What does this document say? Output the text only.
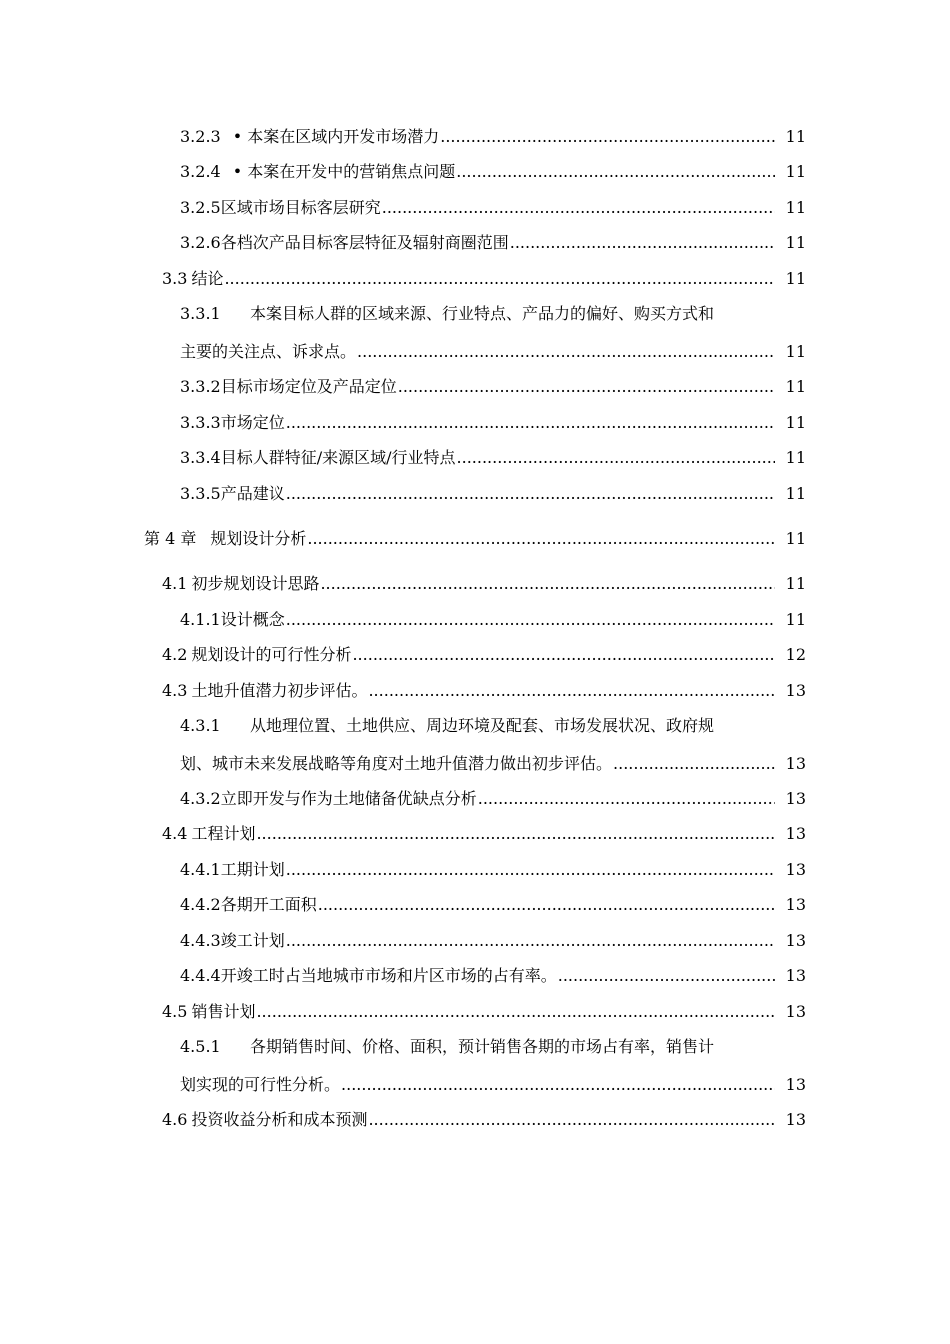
3.2.3 • 本案在区域内开发市场潜力 .....	11
3.2.4 • 本案在开发中的营销焦点问题 .....	11
3.2.5 区域市场目标客层研究 .....	11
3.2.6 各档次产品目标客层特征及辐射商圈范围 .....	11
3.3 结论 .....	11
3.3.1 本案目标人群的区域来源、行业特点、产品力的偏好、购买方式和
主要的关注点、诉求点。 .....	11
3.3.2 目标市场定位及产品定位 .....	11
3.3.3 市场定位 .....	11
3.3.4 目标人群特征/来源区域/行业特点 .....	11
3.3.5 产品建议 .....	11
第 4 章 规划设计分析 .....	11
4.1 初步规划设计思路 .....	11
4.1.1 设计概念 .....	11
4.2 规划设计的可行性分析 .....	12
4.3 土地升值潜力初步评估。 .....	13
4.3.1 从地理位置、土地供应、周边环境及配套、市场发展状况、政府规
划、城市未来发展战略等角度对土地升值潜力做出初步评估。 .....	13
4.3.2 立即开发与作为土地储备优缺点分析 .....	13
4.4 工程计划 .....	13
4.4.1 工期计划 .....	13
4.4.2 各期开工面积 .....	13
4.4.3 竣工计划 .....	13
4.4.4 开竣工时占当地城市市场和片区市场的占有率。 .....	13
4.5 销售计划 .....	13
4.5.1 各期销售时间、价格、面积，预计销售各期的市场占有率，销售计
划实现的可行性分析。 .....	13
4.6 投资收益分析和成本预测 .....	13
